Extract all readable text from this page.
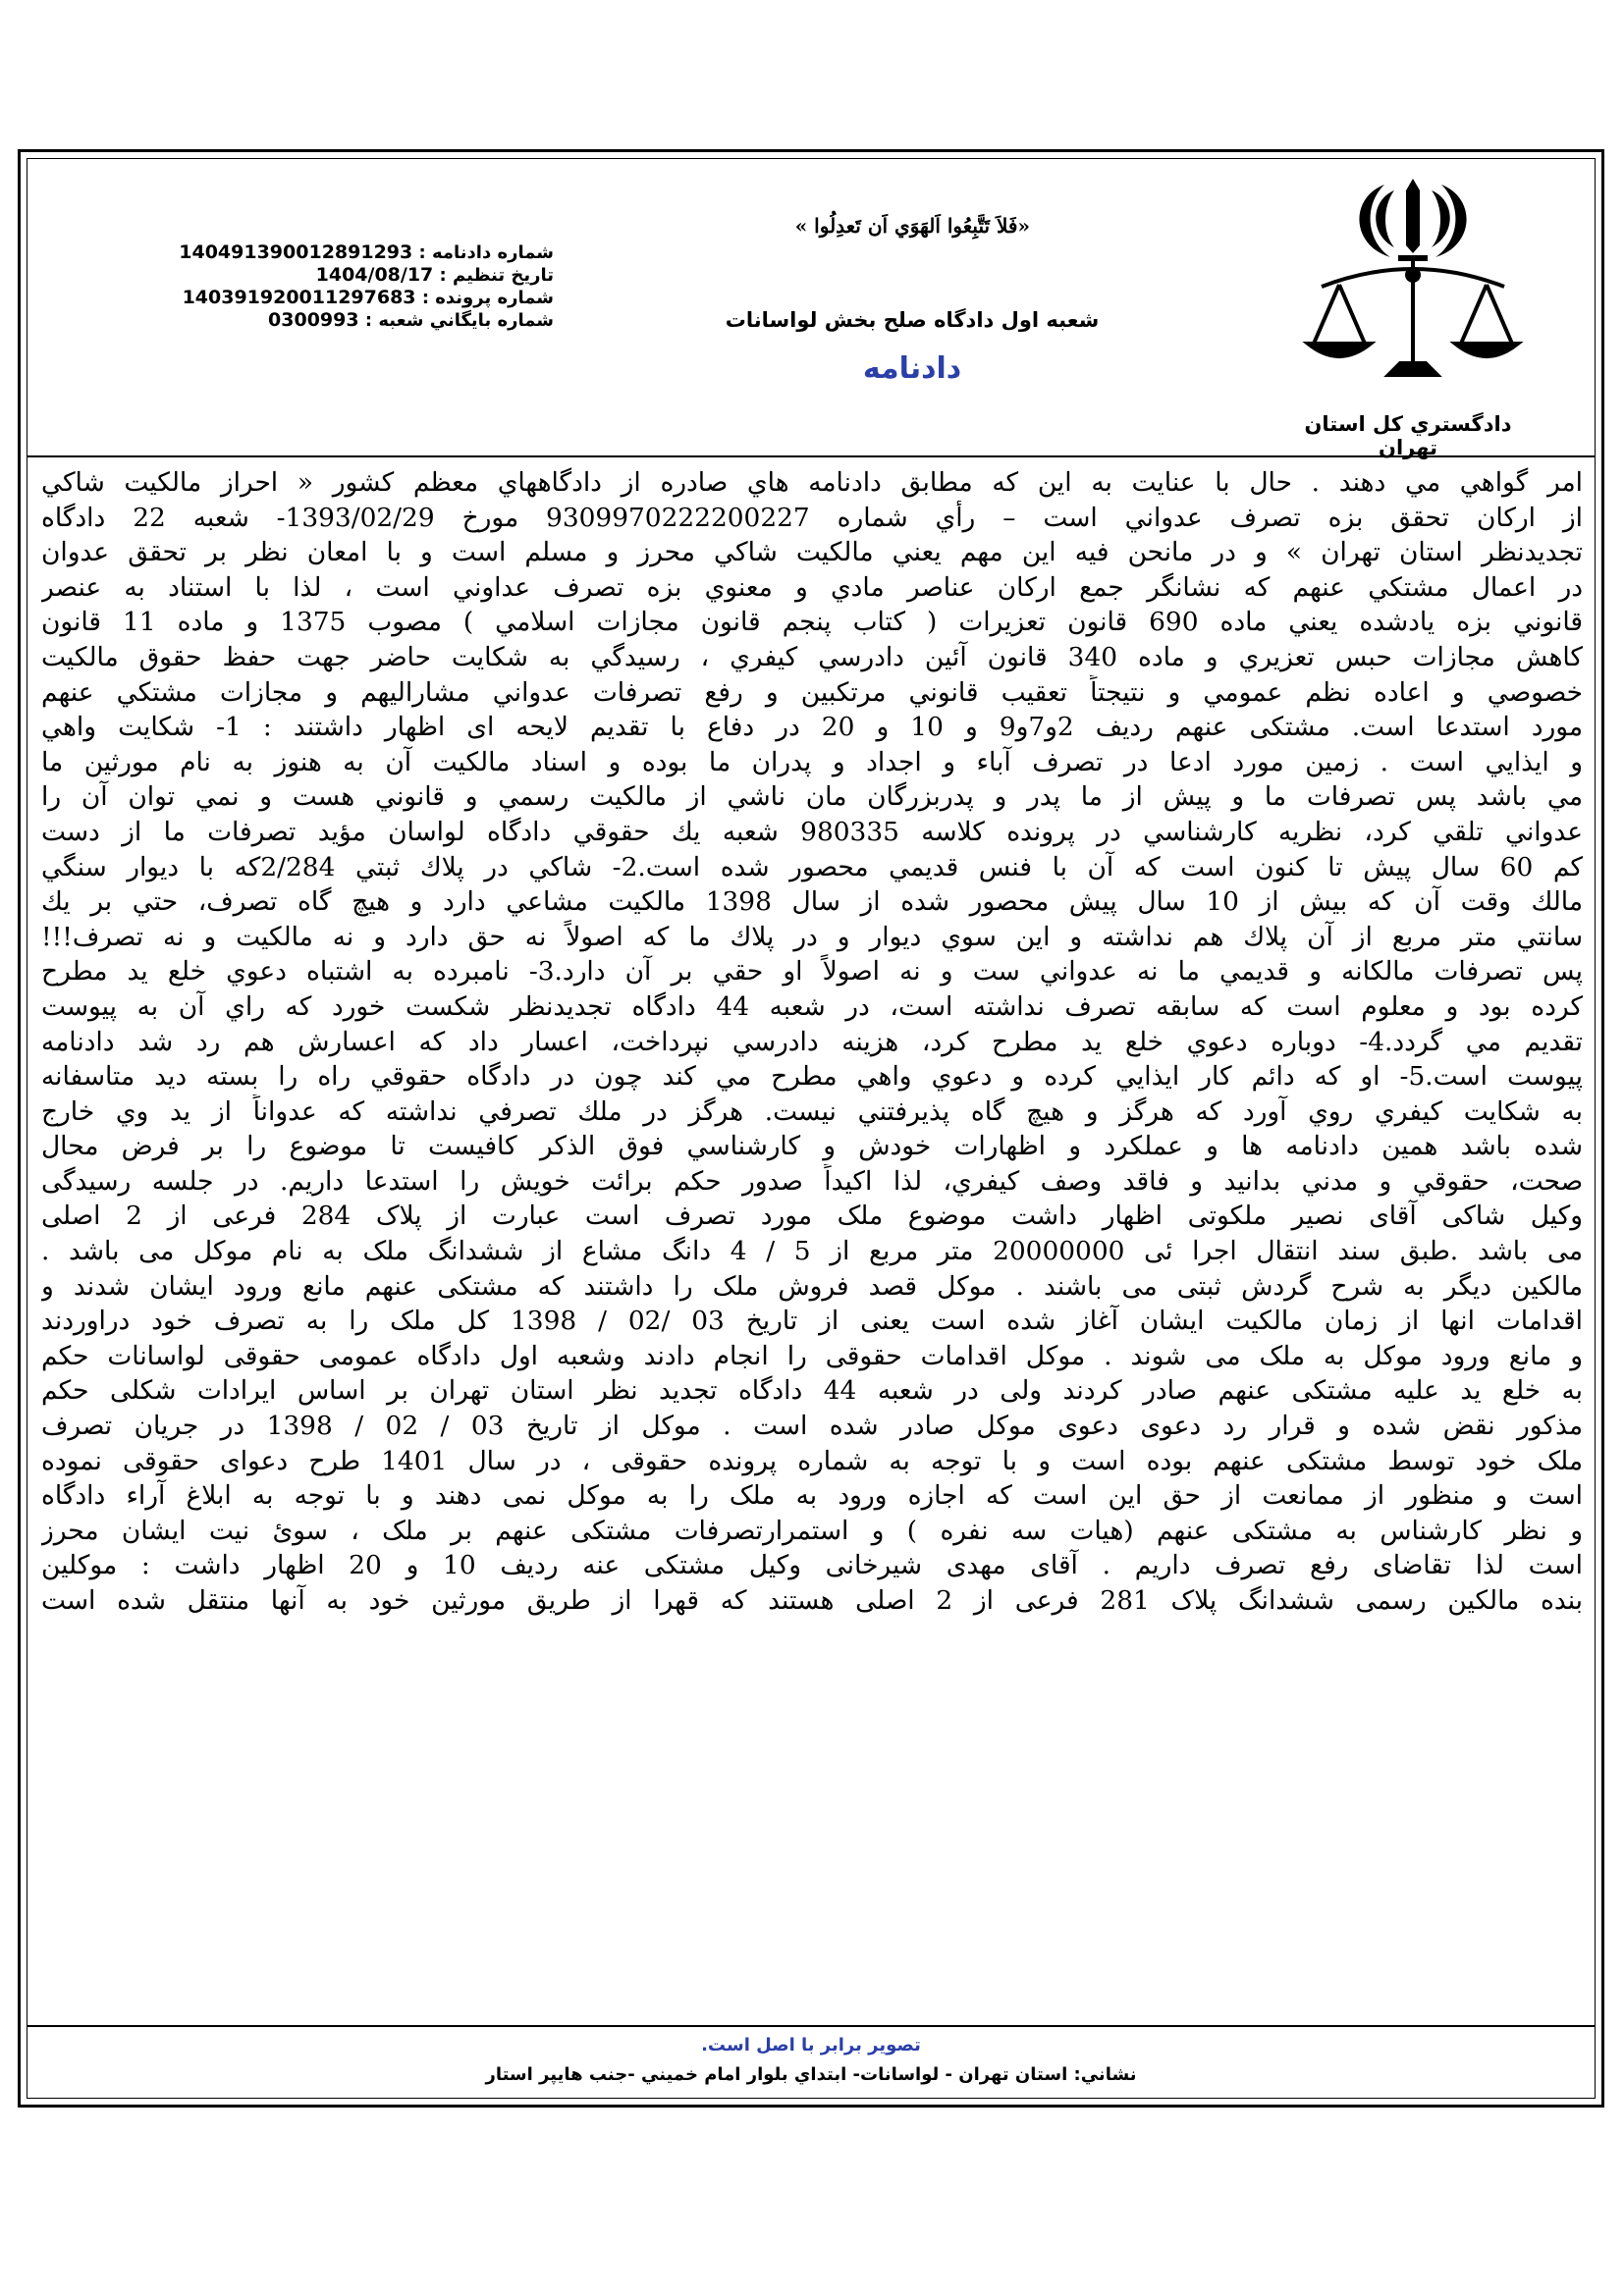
دادگستري كل استان تهران
«فَلاَ تَتَّبِعُوا اَلهَوَي اَن تَعدِلُوا »
شعبه اول دادگاه صلح بخش لواسانات
دادنامه
شماره دادنامه : 140491390012891293
تاريخ تنظيم : 1404/08/17
شماره پرونده : 140391920011297683
شماره بايگاني شعبه : 0300993
امر گواهي مي دهند . حال با عنايت به اين كه مطابق دادنامه هاي صادره از دادگاههاي معظم كشور « احراز مالكيت شاكي
از اركان تحقق بزه تصرف عدواني است – رأي شماره 9309970222200227 مورخ 1393/02/29- شعبه 22 دادگاه
تجديدنظر استان تهران » و در مانحن فيه اين مهم يعني مالكيت شاكي محرز و مسلم است و با امعان نظر بر تحقق عدوان
در اعمال مشتكي عنهم كه نشانگر جمع اركان عناصر مادي و معنوي بزه تصرف عداوني است ، لذا با استناد به عنصر
قانوني بزه يادشده يعني ماده 690 قانون تعزيرات ( كتاب پنجم قانون مجازات اسلامي ) مصوب 1375 و ماده 11 قانون
كاهش مجازات حبس تعزيري و ماده 340 قانون آئين دادرسي كيفري ، رسيدگي به شكايت حاضر جهت حفظ حقوق مالكيت
خصوصي و اعاده نظم عمومي و نتيجتاً تعقيب قانوني مرتكبين و رفع تصرفات عدواني مشاراليهم و مجازات مشتكي عنهم
مورد استدعا است. مشتکی عنهم رديف 2و7و9 و 10 و 20 در دفاع با تقديم لايحه ای اظهار داشتند : 1- شكايت واهي
و ايذايي است . زمين مورد ادعا در تصرف آباء و اجداد و پدران ما بوده و اسناد مالكيت آن به هنوز به نام مورثين ما
مي باشد پس تصرفات ما و پيش از ما پدر و پدربزرگان مان ناشي از مالكيت رسمي و قانوني هست و نمي توان آن را
عدواني تلقي كرد، نظريه كارشناسي در پرونده كلاسه 980335 شعبه يك حقوقي دادگاه لواسان مؤيد تصرفات ما از دست
كم 60 سال پيش تا كنون است كه آن با فنس قديمي محصور شده است.2- شاكي در پلاك ثبتي 2/284كه با ديوار سنگي
مالك وقت آن كه بيش از 10 سال پيش محصور شده از سال 1398 مالكيت مشاعي دارد و هيچ گاه تصرف، حتي بر يك
سانتي متر مربع از آن پلاك هم نداشته و اين سوي ديوار و در پلاك ما كه اصولاً نه حق دارد و نه مالكيت و نه تصرف!!!
پس تصرفات مالكانه و قديمي ما نه عدواني ست و نه اصولاً او حقي بر آن دارد.3- نامبرده به اشتباه دعوي خلع يد مطرح
كرده بود و معلوم است كه سابقه تصرف نداشته است، در شعبه 44 دادگاه تجديدنظر شكست خورد كه راي آن به پيوست
تقديم مي گردد.4- دوباره دعوي خلع يد مطرح كرد، هزينه دادرسي نپرداخت، اعسار داد كه اعسارش هم رد شد دادنامه
پيوست است.5- او كه دائم كار ايذايي كرده و دعوي واهي مطرح مي كند چون در دادگاه حقوقي راه را بسته ديد متاسفانه
به شكايت كيفري روي آورد كه هرگز و هيچ گاه پذيرفتني نيست. هرگز در ملك تصرفي نداشته كه عدواناً از يد وي خارج
شده باشد همين دادنامه ها و عملكرد و اظهارات خودش و كارشناسي فوق الذكر كافيست تا موضوع را بر فرض محال
صحت، حقوقي و مدني بدانيد و فاقد وصف كيفري، لذا اكيداً صدور حكم برائت خويش را استدعا داريم. در جلسه رسيدگی
وکیل شاکی آقای نصیر ملکوتی اظهار داشت موضوع ملک مورد تصرف است عبارت از پلاک 284 فرعی از 2 اصلی
می باشد .طبق سند انتقال اجرا ئی 20000000 متر مربع از 5 / 4 دانگ مشاع از ششدانگ ملک به نام موکل می باشد .
مالکین دیگر به شرح گردش ثبتی می باشند . موکل قصد فروش ملک را داشتند که مشتکی عنهم مانع ورود ایشان شدند و
اقدامات انها از زمان مالکیت ایشان آغاز شده است یعنی از تاریخ 03 /02 / 1398 کل ملک را به تصرف خود دراوردند
و مانع ورود موکل به ملک می شوند . موکل اقدامات حقوقی را انجام دادند وشعبه اول دادگاه عمومی حقوقی لواسانات حکم
به خلع ید علیه مشتکی عنهم صادر کردند ولی در شعبه 44 دادگاه تجدید نظر استان تهران بر اساس ایرادات شکلی حکم
مذکور نقض شده و قرار رد دعوی دعوی موکل صادر شده است . موکل از تاریخ 03 / 02 / 1398 در جریان تصرف
ملک خود توسط مشتکی عنهم بوده است و با توجه به شماره پرونده حقوقی ، در سال 1401 طرح دعوای حقوقی نموده
است و منظور از ممانعت از حق این است که اجازه ورود به ملک را به موکل نمی دهند و با توجه به ابلاغ آراء دادگاه
و نظر کارشناس به مشتکی عنهم (هیات سه نفره ) و استمرارتصرفات مشتکی عنهم بر ملک ، سوئ نیت ایشان محرز
است لذا تقاضای رفع تصرف داریم . آقای مهدی شیرخانی وکیل مشتکی عنه ردیف 10 و 20 اظهار داشت : موکلین
بنده مالکین رسمی ششدانگ پلاک 281 فرعی از 2 اصلی هستند که قهرا از طریق مورثین خود به آنها منتقل شده است
تصوير برابر با اصل است.
نشاني: استان تهران - لواسانات- ابتداي بلوار امام خميني -جنب هايپر استار
